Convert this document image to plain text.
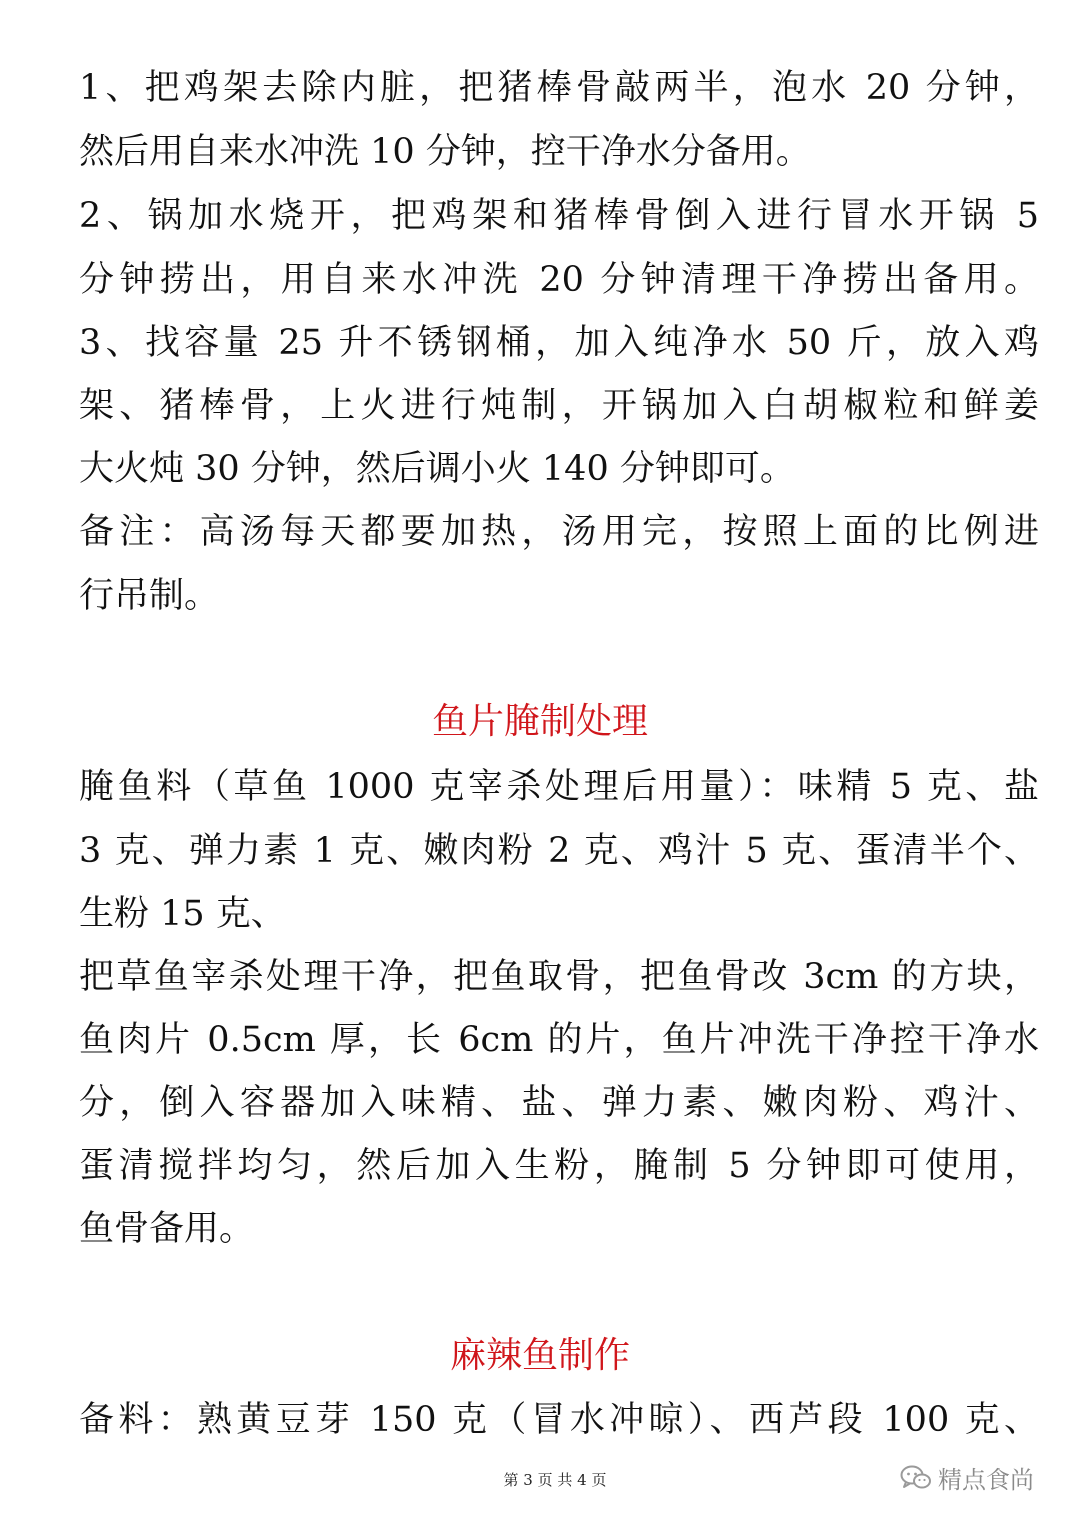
1、把鸡架去除内脏，把猪棒骨敲两半，泡水 20 分钟，
然后用自来水冲洗 10 分钟，控干净水分备用。
2、锅加水烧开，把鸡架和猪棒骨倒入进行冒水开锅 5
分钟捞出，用自来水冲洗 20 分钟清理干净捞出备用。
3、找容量 25 升不锈钢桶，加入纯净水 50 斤，放入鸡
架、猪棒骨，上火进行炖制，开锅加入白胡椒粒和鲜姜
大火炖 30 分钟，然后调小火 140 分钟即可。
备注：高汤每天都要加热，汤用完，按照上面的比例进
行吊制。
鱼片腌制处理
腌鱼料（草鱼 1000 克宰杀处理后用量）：味精 5 克、盐
3 克、弹力素 1 克、嫩肉粉 2 克、鸡汁 5 克、蛋清半个、
生粉 15 克、
把草鱼宰杀处理干净，把鱼取骨，把鱼骨改 3cm 的方块，
鱼肉片 0.5cm 厚，长 6cm 的片，鱼片冲洗干净控干净水
分，倒入容器加入味精、盐、弹力素、嫩肉粉、鸡汁、
蛋清搅拌均匀，然后加入生粉，腌制 5 分钟即可使用，
鱼骨备用。
麻辣鱼制作
备料：熟黄豆芽 150 克（冒水冲晾）、西芦段 100 克、
第 3 页 共 4 页	精点食尚
